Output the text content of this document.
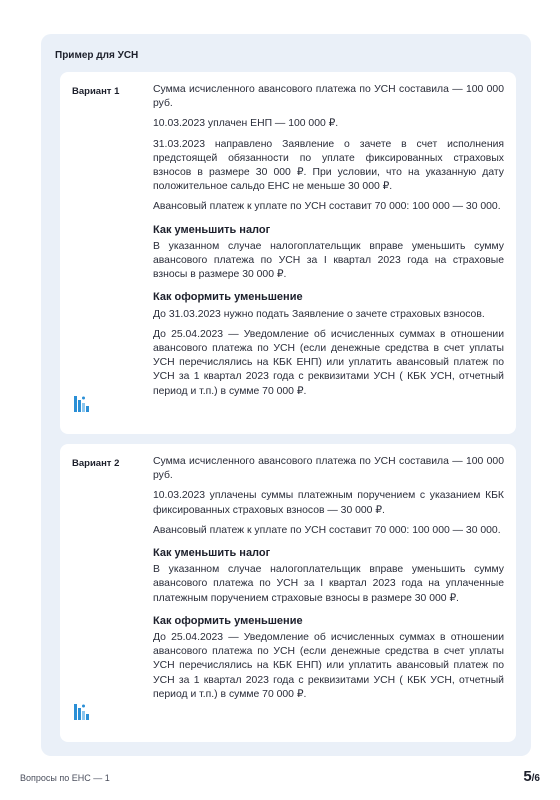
Пример для УСН
Вариант 1	Сумма исчисленного авансового платежа по УСН составила — 100 000 руб.

10.03.2023 уплачен ЕНП — 100 000 ₽.

31.03.2023 направлено Заявление о зачете в счет исполнения предстоящей обязанности по уплате фиксированных страховых взносов в размере 30 000 ₽. При условии, что на указанную дату положительное сальдо ЕНС не меньше 30 000 ₽.

Авансовый платеж к уплате по УСН составит 70 000: 100 000 — 30 000.

Как уменьшить налог

В указанном случае налогоплательщик вправе уменьшить сумму авансового платежа по УСН за I квартал 2023 года на страховые взносы в размере 30 000 ₽.

Как оформить уменьшение

До 31.03.2023 нужно подать Заявление о зачете страховых взносов.

До 25.04.2023 — Уведомление об исчисленных суммах в отношении авансового платежа по УСН (если денежные средства в счет уплаты УСН перечислялись на КБК ЕНП) или уплатить авансовый платеж по УСН за 1 квартал 2023 года с реквизитами УСН ( КБК УСН, отчетный период и т.п.) в сумме 70 000 ₽.

Вариант 2	Сумма исчисленного авансового платежа по УСН составила — 100 000 руб.

10.03.2023 уплачены суммы платежным поручением с указанием КБК фиксированных страховых взносов — 30 000 ₽.

Авансовый платеж к уплате по УСН составит 70 000: 100 000 — 30 000.

Как уменьшить налог

В указанном случае налогоплательщик вправе уменьшить сумму авансового платежа по УСН за I квартал 2023 года на уплаченные платежным поручением страховые взносы в размере 30 000 ₽.

Как оформить уменьшение

До 25.04.2023 — Уведомление об исчисленных суммах в отношении авансового платежа по УСН (если денежные средства в счет уплаты УСН перечислялись на КБК ЕНП) или уплатить авансовый платеж по УСН за 1 квартал 2023 года с реквизитами УСН ( КБК УСН, отчетный период и т.п.) в сумме 70 000 ₽.

Вопросы по ЕНС — 1	5/6
